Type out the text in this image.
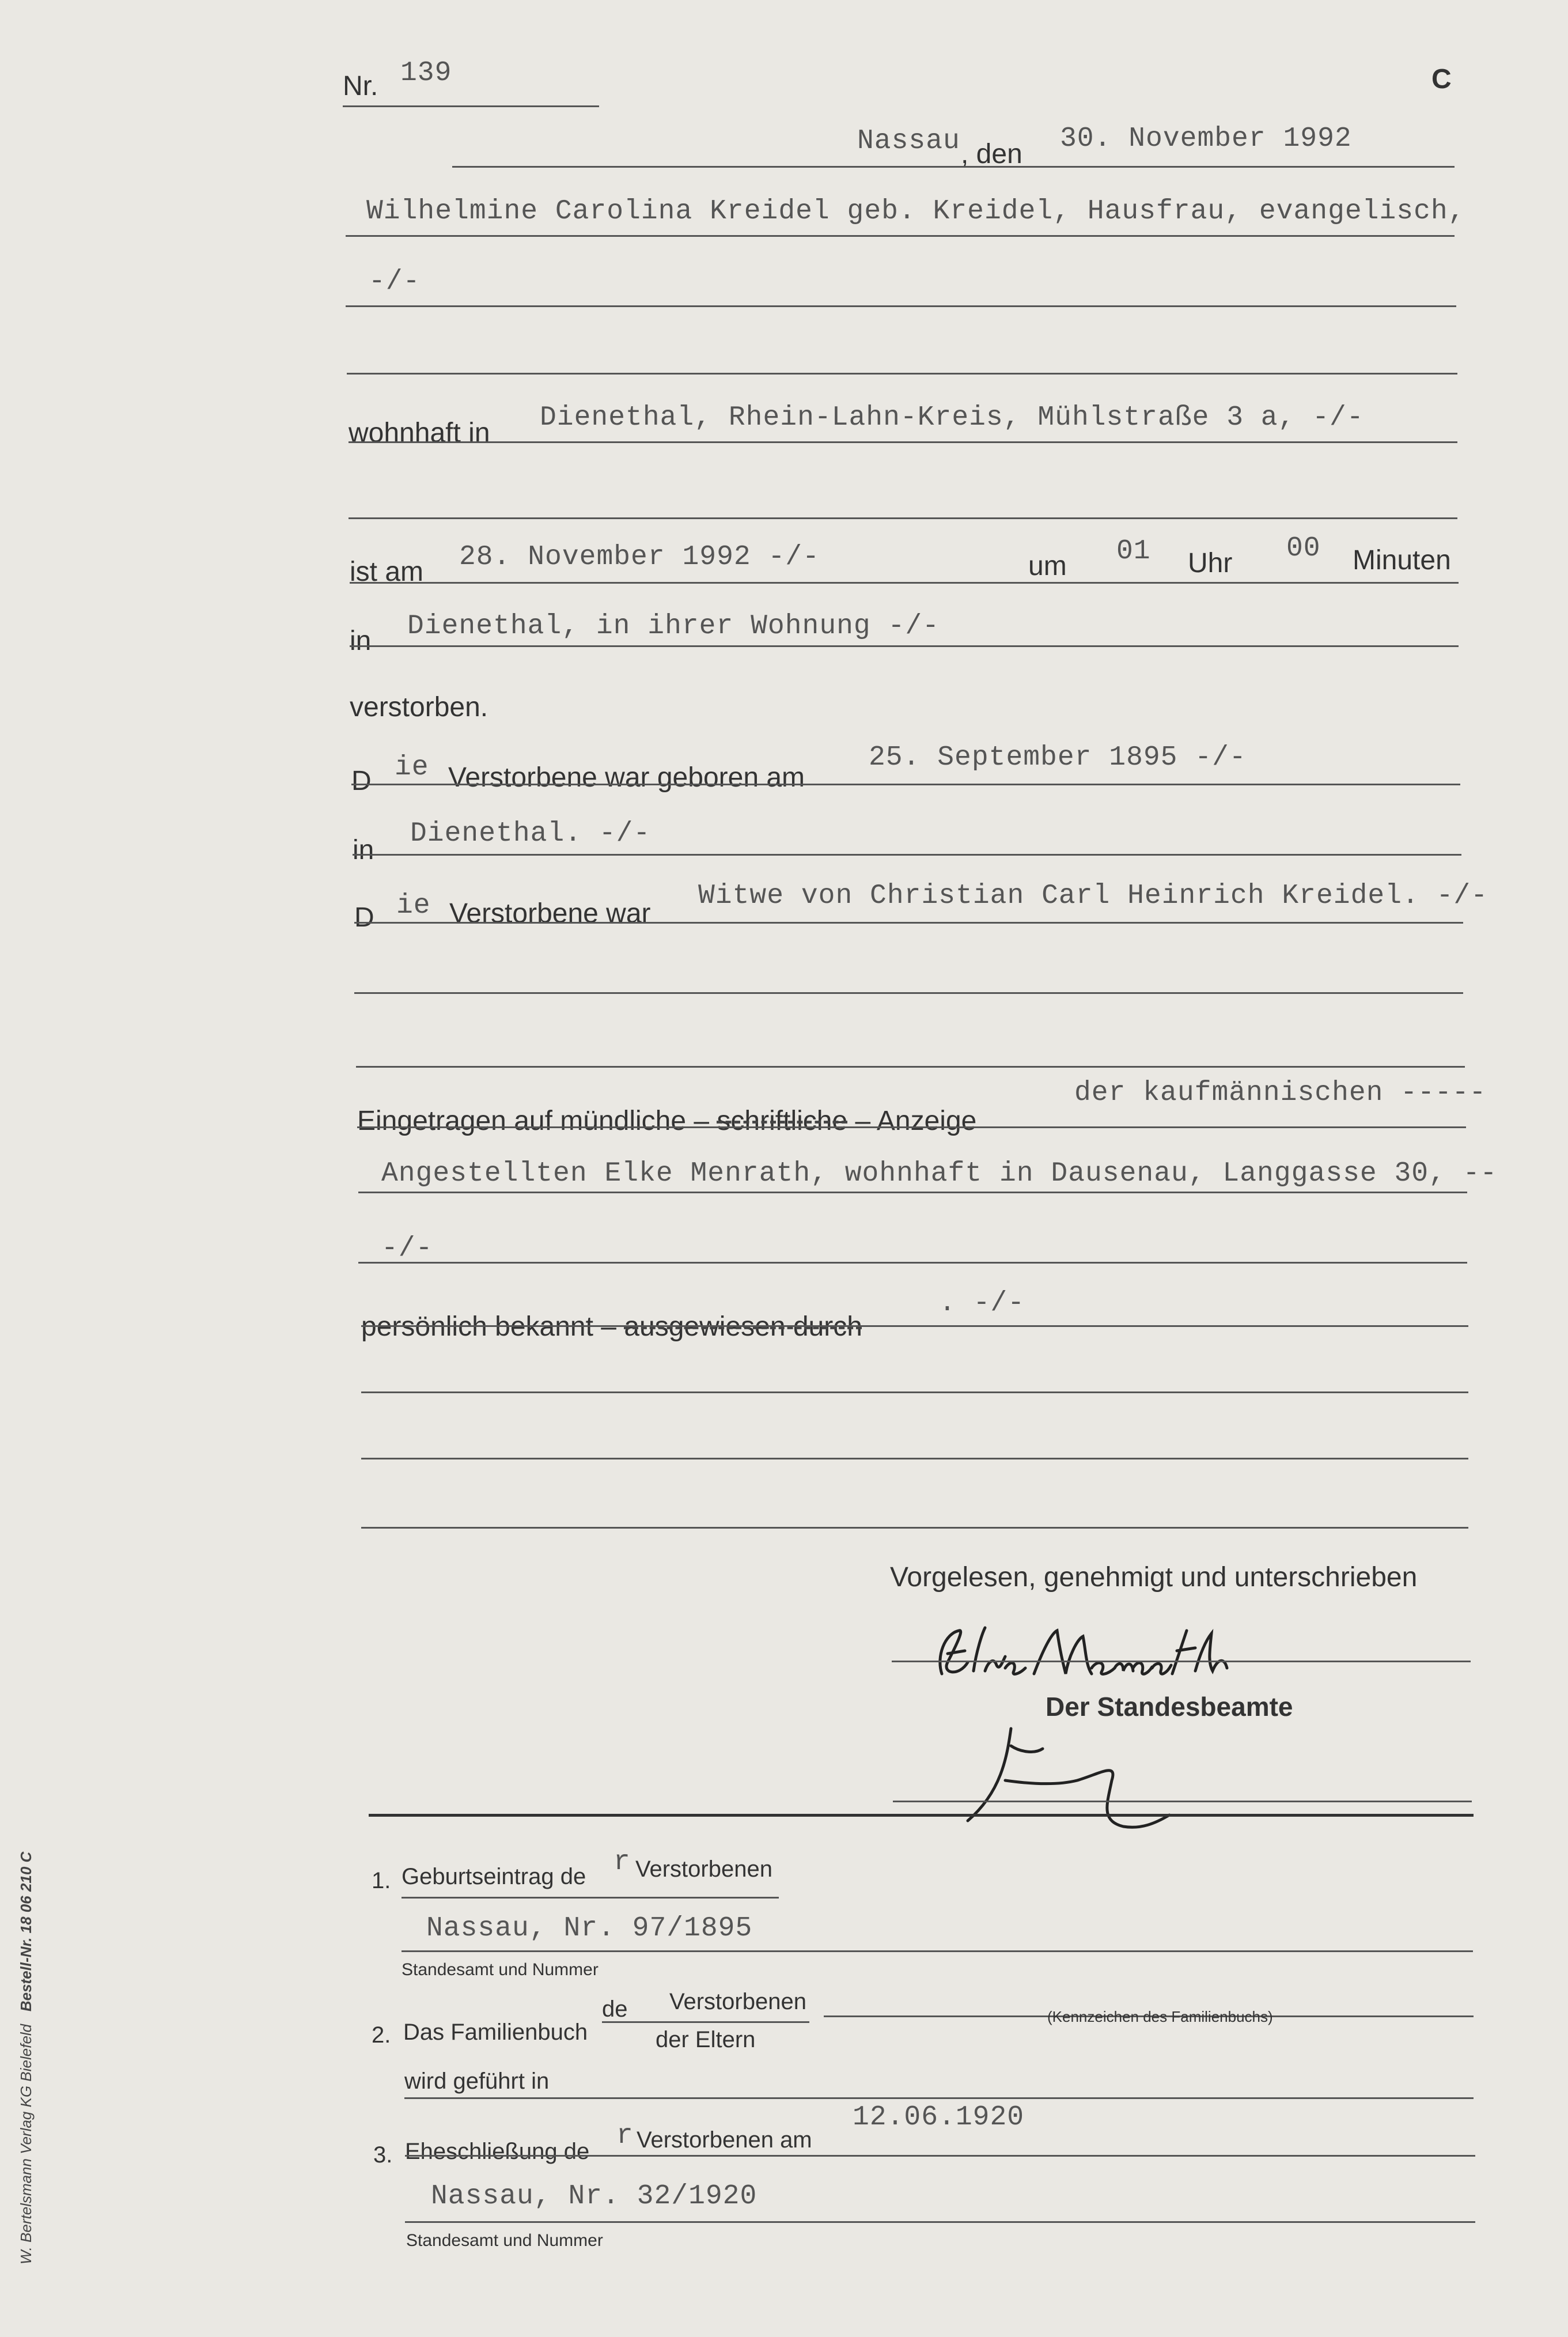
Nr. 139	C
Nassau , den 30. November 1992
Wilhelmine Carolina Kreidel geb. Kreidel, Hausfrau, evangelisch,
-/-
wohnhaft in Dienethal, Rhein-Lahn-Kreis, Mühlstraße 3 a, -/-
ist am 28. November 1992 -/-	um 01 Uhr 00 Minuten
in Dienethal, in ihrer Wohnung -/-
verstorben.
D ie Verstorbene war geboren am
25. September 1895 -/-
in
Dienethal. -/-
D ie Verstorbene war
Witwe von Christian Carl Heinrich Kreidel. -/-
Eingetragen auf mündliche – schriftliche – Anzeige
der kaufmännischen -----
Angestellten Elke Menrath, wohnhaft in Dausenau, Langgasse 30, --
-/-
persönlich bekannt – ausgewiesen durch
. -/-
Vorgelesen, genehmigt und unterschrieben
Der Standesbeamte
1. Geburtseintrag de r Verstorbenen
Nassau, Nr. 97/1895
Standesamt und Nummer
2. Das Familienbuch
de Verstorbenen
der Eltern
(Kennzeichen des Familienbuchs)
wird geführt in
3. Eheschließung de r Verstorbenen am
12.06.1920
Nassau, Nr. 32/1920
Standesamt und Nummer
W. Bertelsmann Verlag KG Bielefeld   Bestell-Nr. 18 06 210 C
